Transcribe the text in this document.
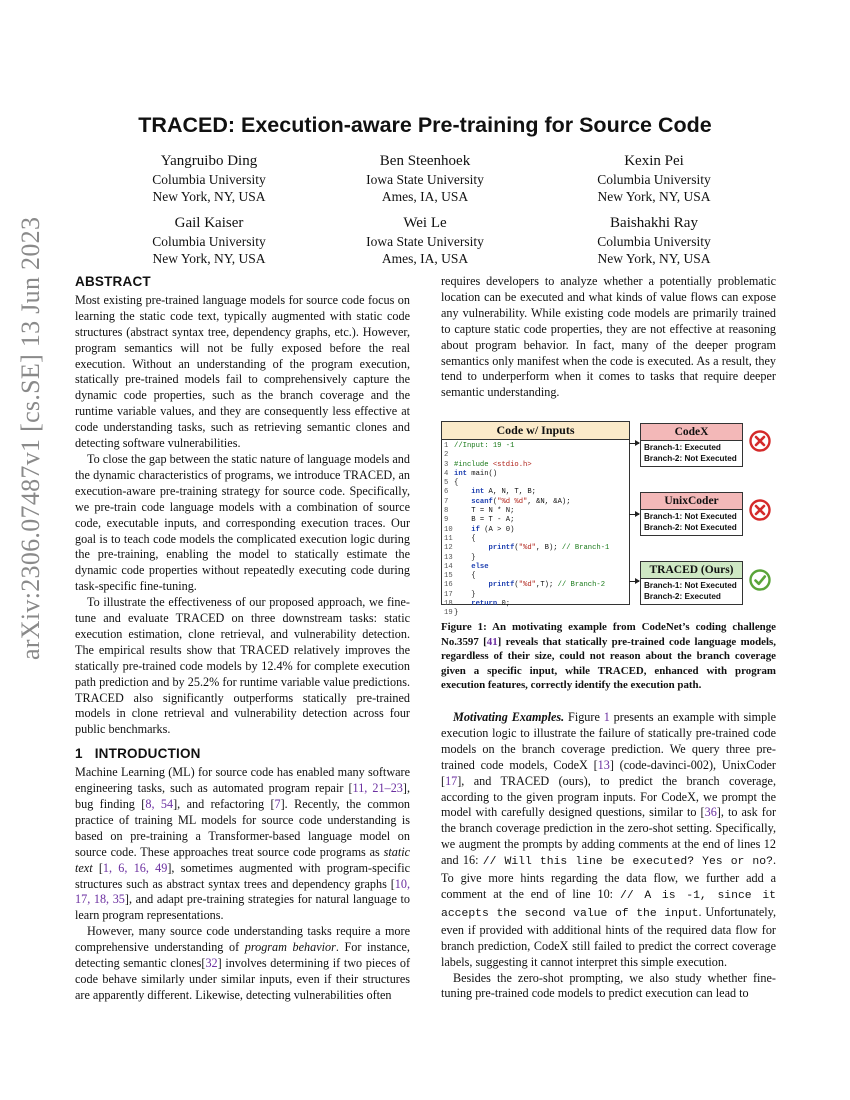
arXiv:2306.07487v1 [cs.SE] 13 Jun 2023
TRACED: Execution-aware Pre-training for Source Code
Yangruibo Ding
Columbia University
New York, NY, USA
Ben Steenhoek
Iowa State University
Ames, IA, USA
Kexin Pei
Columbia University
New York, NY, USA
Gail Kaiser
Columbia University
New York, NY, USA
Wei Le
Iowa State University
Ames, IA, USA
Baishakhi Ray
Columbia University
New York, NY, USA
ABSTRACT

Most existing pre-trained language models for source code focus on learning the static code text, typically augmented with static code structures (abstract syntax tree, dependency graphs, etc.). However, program semantics will not be fully exposed before the real execution. Without an understanding of the program execution, statically pre-trained models fail to comprehensively capture the dynamic code properties, such as the branch coverage and the runtime variable values, and they are consequently less effective at code understanding tasks, such as retrieving semantic clones and detecting software vulnerabilities.

To close the gap between the static nature of language models and the dynamic characteristics of programs, we introduce TRACED, an execution-aware pre-training strategy for source code. Specifically, we pre-train code language models with a combination of source code, executable inputs, and corresponding execution traces. Our goal is to teach code models the complicated execution logic during the pre-training, enabling the model to statically estimate the dynamic code properties without repeatedly executing code during task-specific fine-tuning.

To illustrate the effectiveness of our proposed approach, we fine-tune and evaluate TRACED on three downstream tasks: static execution estimation, clone retrieval, and vulnerability detection. The empirical results show that TRACED relatively improves the statically pre-trained code models by 12.4% for complete execution path prediction and by 25.2% for runtime variable value predictions. TRACED also significantly outperforms statically pre-trained models in clone retrieval and vulnerability detection across four public benchmarks.

1 INTRODUCTION

Machine Learning (ML) for source code has enabled many software engineering tasks, such as automated program repair [11, 21–23], bug finding [8, 54], and refactoring [7]. Recently, the common practice of training ML models for source code understanding is based on pre-training a Transformer-based language model on source code. These approaches treat source code programs as static text [1, 6, 16, 49], sometimes augmented with program-specific structures such as abstract syntax trees and dependency graphs [10, 17, 18, 35], and adapt pre-training strategies for natural language to learn program representations.

However, many source code understanding tasks require a more comprehensive understanding of program behavior. For instance, detecting semantic clones[32] involves determining if two pieces of code behave similarly under similar inputs, even if their structures are apparently different. Likewise, detecting vulnerabilities often

requires developers to analyze whether a potentially problematic location can be executed and what kinds of value flows can expose any vulnerability. While existing code models are primarily trained to capture static code properties, they are not effective at reasoning about program behavior. In fact, many of the deeper program semantics only manifest when the code is executed. As a result, they tend to underperform when it comes to tasks that require deeper semantic understanding.

Code w/ Inputs
1 //Input: 19 -1
2
3 #include <stdio.h>
4 int main()
5 {
6	int A, N, T, B;
7	scanf("%d %d", &N, &A);
8    T = N * N;
9    B = T - A;
10	if (A > 0)
11    {
12	printf("%d", B); // Branch-1
13    }
14	else
15    {
16	printf("%d",T); // Branch-2
17    }
18	return 0;
19}
CodeX
Branch-1: Executed
Branch-2: Not Executed
UnixCoder
Branch-1: Not Executed
Branch-2: Not Executed
TRACED (Ours)
Branch-1: Not Executed
Branch-2: Executed
Figure 1: An motivating example from CodeNet’s coding challenge No.3597 [41] reveals that statically pre-trained code language models, regardless of their size, could not reason about the branch coverage given a specific input, while TRACED, enhanced with program execution features, correctly identify the execution path.

Motivating Examples. Figure 1 presents an example with simple execution logic to illustrate the failure of statically pre-trained code models on the branch coverage prediction. We query three pre-trained code models, CodeX [13] (code-davinci-002), UnixCoder [17], and TRACED (ours), to predict the branch coverage, according to the given program inputs. For CodeX, we prompt the model with carefully designed questions, similar to [36], to ask for the branch coverage prediction in the zero-shot setting. Specifically, we augment the prompts by adding comments at the end of lines 12 and 16: // Will this line be executed? Yes or no?. To give more hints regarding the data flow, we further add a comment at the end of line 10: // A is -1, since it accepts the second value of the input. Unfortunately, even if provided with additional hints of the required data flow for branch prediction, CodeX still failed to predict the correct coverage labels, suggesting it cannot interpret this simple execution.

Besides the zero-shot prompting, we also study whether fine-tuning pre-trained code models to predict execution can lead to
